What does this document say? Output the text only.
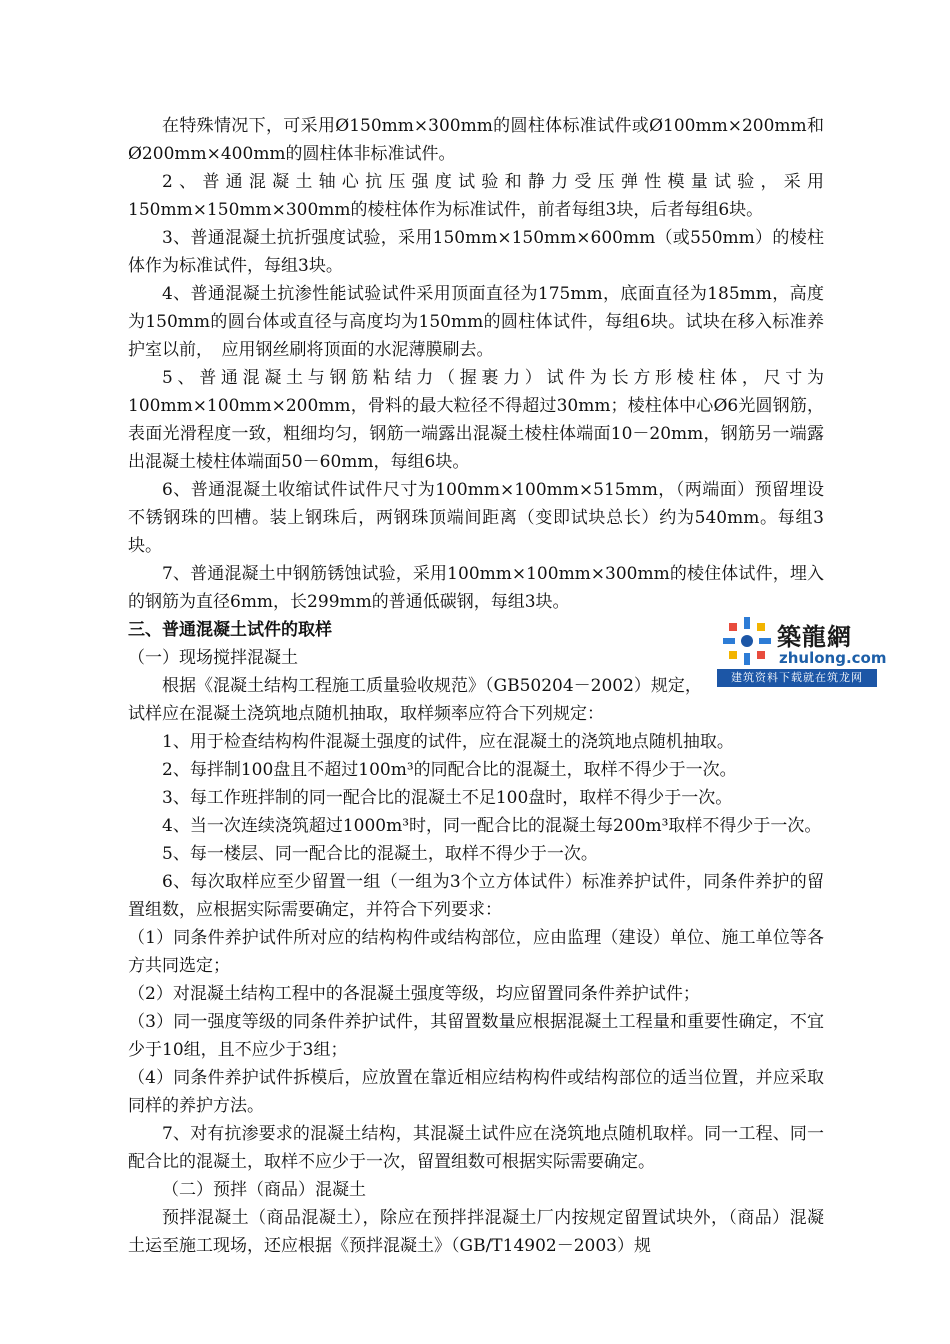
在特殊情况下，可采用Ø150mm×300mm的圆柱体标准试件或Ø100mm×200mm和Ø200mm×400mm的圆柱体非标准试件。

2、普通混凝土轴心抗压强度试验和静力受压弹性模量试验，采用150mm×150mm×300mm的棱柱体作为标准试件，前者每组3块，后者每组6块。

3、普通混凝土抗折强度试验，采用150mm×150mm×600mm（或550mm）的棱柱体作为标准试件，每组3块。

4、普通混凝土抗渗性能试验试件采用顶面直径为175mm，底面直径为185mm，高度为150mm的圆台体或直径与高度均为150mm的圆柱体试件，每组6块。试块在移入标准养护室以前，　应用钢丝刷将顶面的水泥薄膜刷去。

5、普通混凝土与钢筋粘结力（握裹力）试件为长方形棱柱体，尺寸为100mm×100mm×200mm，骨料的最大粒径不得超过30mm；棱柱体中心Ø6光圆钢筋，表面光滑程度一致，粗细均匀，钢筋一端露出混凝土棱柱体端面10－20mm，钢筋另一端露出混凝土棱柱体端面50－60mm，每组6块。

6、普通混凝土收缩试件试件尺寸为100mm×100mm×515mm，（两端面）预留埋设不锈钢珠的凹槽。装上钢珠后，两钢珠顶端间距离（变即试块总长）约为540mm。每组3块。

7、普通混凝土中钢筋锈蚀试验，采用100mm×100mm×300mm的棱住体试件，埋入的钢筋为直径6mm，长299mm的普通低碳钢，每组3块。

三、普通混凝土试件的取样

（一）现场搅拌混凝土

根据《混凝土结构工程施工质量验收规范》（GB50204－2002）规定，

试样应在混凝土浇筑地点随机抽取，取样频率应符合下列规定：

1、用于检查结构构件混凝土强度的试件，应在混凝土的浇筑地点随机抽取。

2、每拌制100盘且不超过100m³的同配合比的混凝土，取样不得少于一次。

3、每工作班拌制的同一配合比的混凝土不足100盘时，取样不得少于一次。

4、当一次连续浇筑超过1000m³时，同一配合比的混凝土每200m³取样不得少于一次。

5、每一楼层、同一配合比的混凝土，取样不得少于一次。

6、每次取样应至少留置一组（一组为3个立方体试件）标准养护试件，同条件养护的留置组数，应根据实际需要确定，并符合下列要求：

（1）同条件养护试件所对应的结构构件或结构部位，应由监理（建设）单位、施工单位等各方共同选定；

（2）对混凝土结构工程中的各混凝土强度等级，均应留置同条件养护试件；

（3）同一强度等级的同条件养护试件，其留置数量应根据混凝土工程量和重要性确定，不宜少于10组，且不应少于3组；

（4）同条件养护试件拆模后，应放置在靠近相应结构构件或结构部位的适当位置，并应采取同样的养护方法。

7、对有抗渗要求的混凝土结构，其混凝土试件应在浇筑地点随机取样。同一工程、同一配合比的混凝土，取样不应少于一次，留置组数可根据实际需要确定。

（二）预拌（商品）混凝土

预拌混凝土（商品混凝土），除应在预拌拌混凝土厂内按规定留置试块外，（商品）混凝土运至施工现场，还应根据《预拌混凝土》（GB/T14902－2003）规

築龍網
zhulong.com
建筑资料下载就在筑龙网
